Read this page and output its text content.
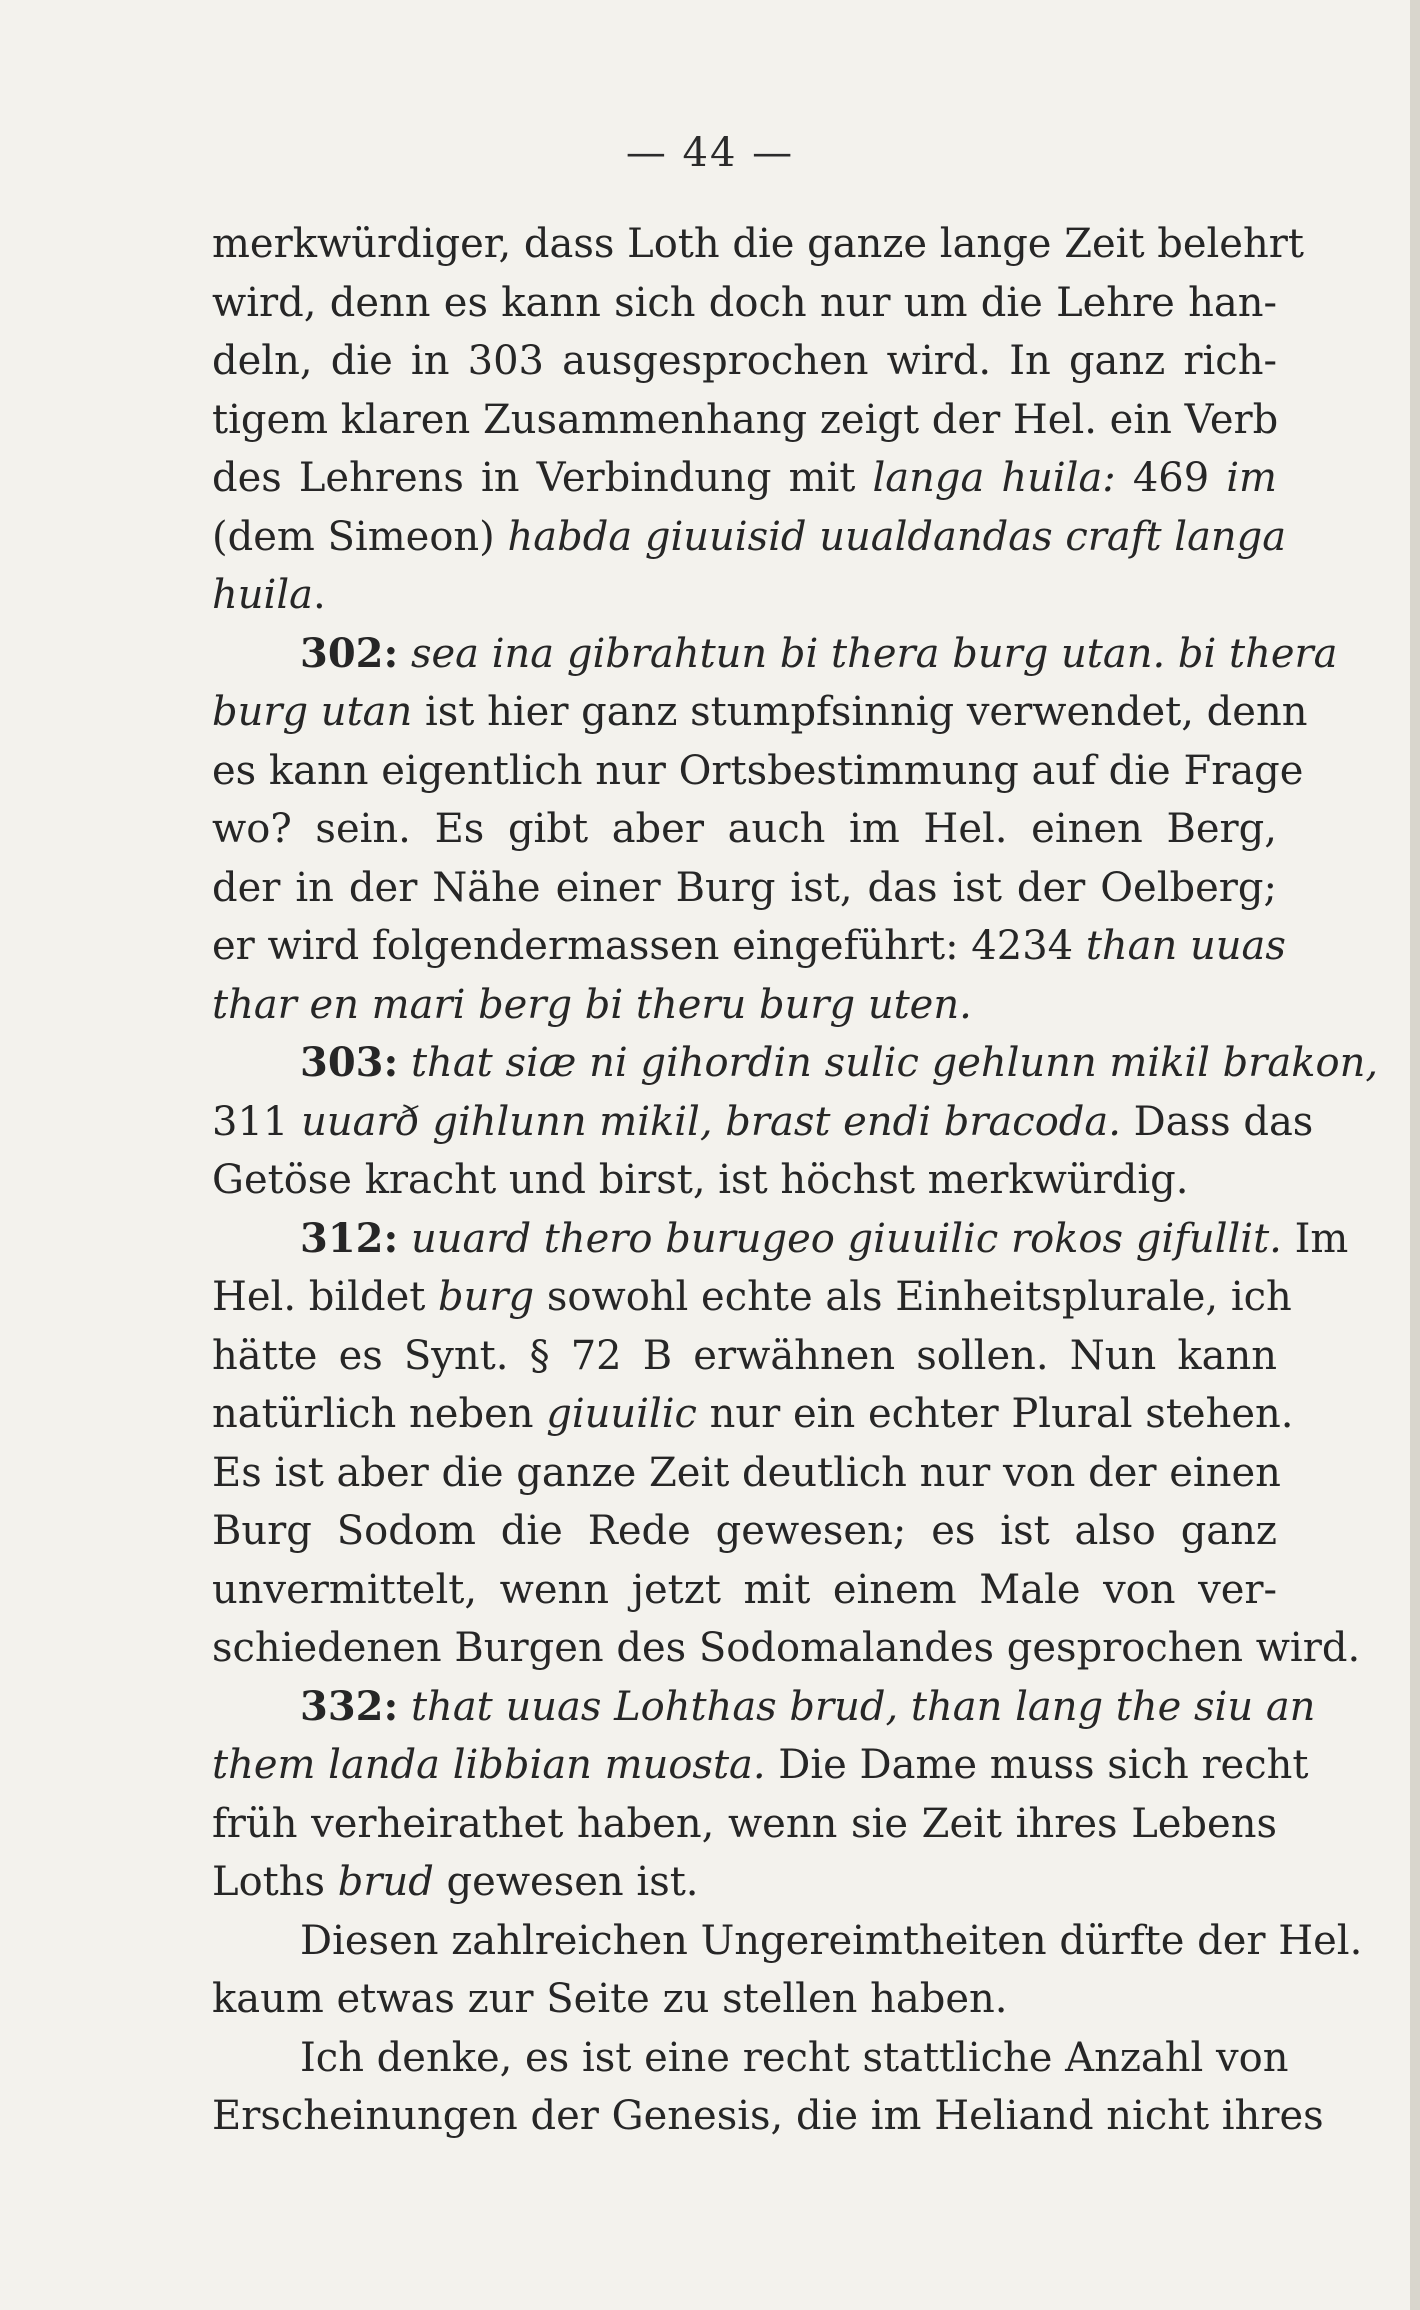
— 44 —
merkwürdiger, dass Loth die ganze lange Zeit belehrt
wird, denn es kann sich doch nur um die Lehre han-
deln, die in 303 ausgesprochen wird. In ganz rich-
tigem klaren Zusammenhang zeigt der Hel. ein Verb
des Lehrens in Verbindung mit langa huila: 469 im
(dem Simeon) habda giuuisid uualdandas craft langa
huila.
302: sea ina gibrahtun bi thera burg utan. bi thera
burg utan ist hier ganz stumpfsinnig verwendet, denn
es kann eigentlich nur Ortsbestimmung auf die Frage
wo? sein. Es gibt aber auch im Hel. einen Berg,
der in der Nähe einer Burg ist, das ist der Oelberg;
er wird folgendermassen eingeführt: 4234 than uuas
thar en mari berg bi theru burg uten.
303: that siæ ni gihordin sulic gehlunn mikil brakon,
311 uuarð gihlunn mikil, brast endi bracoda. Dass das
Getöse kracht und birst, ist höchst merkwürdig.
312: uuard thero burugeo giuuilic rokos gifullit. Im
Hel. bildet burg sowohl echte als Einheitsplurale, ich
hätte es Synt. § 72 B erwähnen sollen. Nun kann
natürlich neben giuuilic nur ein echter Plural stehen.
Es ist aber die ganze Zeit deutlich nur von der einen
Burg Sodom die Rede gewesen; es ist also ganz
unvermittelt, wenn jetzt mit einem Male von ver-
schiedenen Burgen des Sodomalandes gesprochen wird.
332: that uuas Lohthas brud, than lang the siu an
them landa libbian muosta. Die Dame muss sich recht
früh verheirathet haben, wenn sie Zeit ihres Lebens
Loths brud gewesen ist.
Diesen zahlreichen Ungereimtheiten dürfte der Hel.
kaum etwas zur Seite zu stellen haben.
Ich denke, es ist eine recht stattliche Anzahl von
Erscheinungen der Genesis, die im Heliand nicht ihres
